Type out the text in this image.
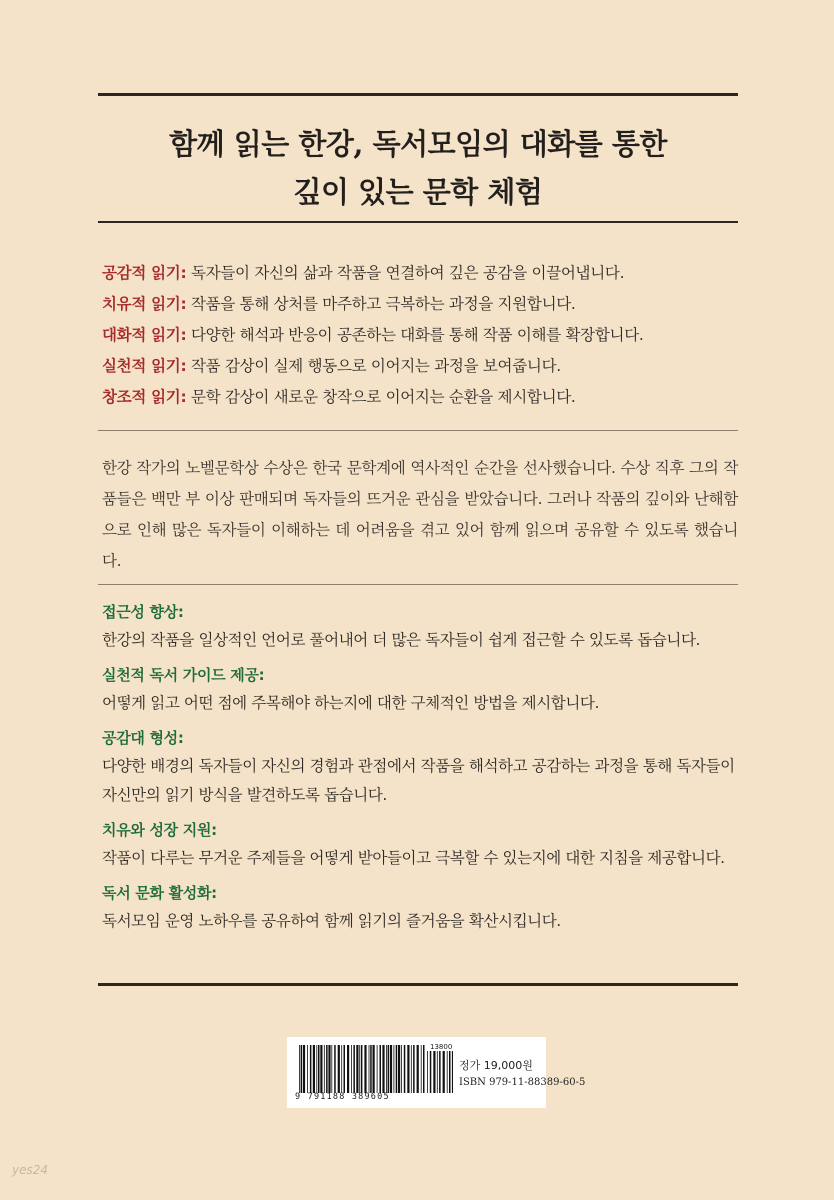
함께 읽는 한강, 독서모임의 대화를 통한
깊이 있는 문학 체험
공감적 읽기: 독자들이 자신의 삶과 작품을 연결하여 깊은 공감을 이끌어냅니다.
치유적 읽기: 작품을 통해 상처를 마주하고 극복하는 과정을 지원합니다.
대화적 읽기: 다양한 해석과 반응이 공존하는 대화를 통해 작품 이해를 확장합니다.
실천적 읽기: 작품 감상이 실제 행동으로 이어지는 과정을 보여줍니다.
창조적 읽기: 문학 감상이 새로운 창작으로 이어지는 순환을 제시합니다.
한강 작가의 노벨문학상 수상은 한국 문학계에 역사적인 순간을 선사했습니다. 수상 직후 그의 작품들은 백만 부 이상 판매되며 독자들의 뜨거운 관심을 받았습니다. 그러나 작품의 깊이와 난해함으로 인해 많은 독자들이 이해하는 데 어려움을 겪고 있어 함께 읽으며 공유할 수 있도록 했습니다.
접근성 향상:
한강의 작품을 일상적인 언어로 풀어내어 더 많은 독자들이 쉽게 접근할 수 있도록 돕습니다.
실천적 독서 가이드 제공:
어떻게 읽고 어떤 점에 주목해야 하는지에 대한 구체적인 방법을 제시합니다.
공감대 형성:
다양한 배경의 독자들이 자신의 경험과 관점에서 작품을 해석하고 공감하는 과정을 통해 독자들이 자신만의 읽기 방식을 발견하도록 돕습니다.
치유와 성장 지원:
작품이 다루는 무거운 주제들을 어떻게 받아들이고 극복할 수 있는지에 대한 지침을 제공합니다.
독서 문화 활성화:
독서모임 운영 노하우를 공유하여 함께 읽기의 즐거움을 확산시킵니다.
9 791188 389605
13800
정가 19,000원
ISBN 979-11-88389-60-5
yes24
